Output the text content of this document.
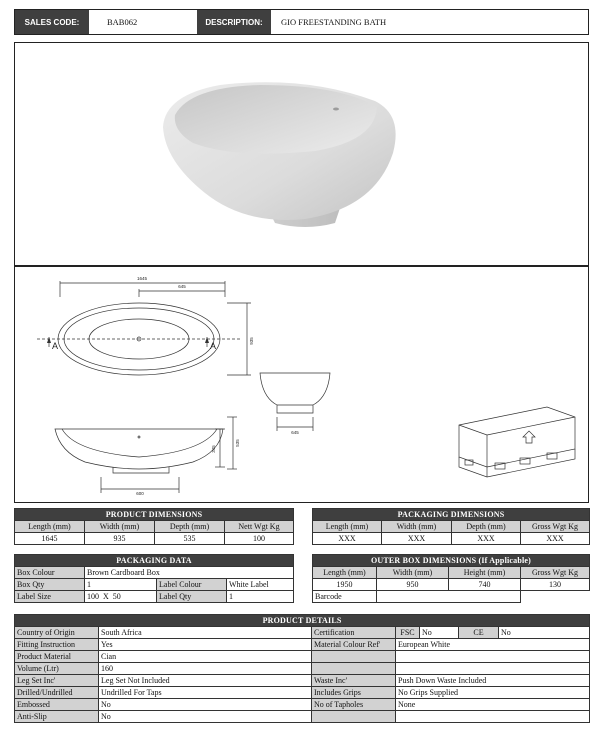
SALES CODE:	BAB062	DESCRIPTION:	GIO FREESTANDING BATH
1645
645
935
645
345
535
600
A	A
PRODUCT DIMENSIONS			
Length (mm)	Width (mm)	Depth (mm)	Nett Wgt Kg
1645	935	535	100
PACKAGING DIMENSIONS			
Length (mm)	Width (mm)	Depth (mm)	Gross Wgt Kg
XXX	XXX	XXX	XXX
PACKAGING DATA			
Box Colour	Brown Cardboard Box		
Box Qty	1	Label Colour	White Label
Label Size	100  X  50	Label Qty	1
OUTER BOX DIMENSIONS (If Applicable)			
Length (mm)	Width (mm)	Height (mm)	Gross Wgt Kg
1950	950	740	130
Barcode			
PRODUCT DETAILS						
Country of Origin	South Africa	Certification	FSC	No	CE	No
Fitting Instruction	Yes	Material Colour Ref'	European White			
Product Material	Cian					
Volume (Ltr)	160					
Leg Set Inc'	Leg Set Not Included	Waste Inc'	Push Down Waste Included			
Drilled/Undrilled	Undrilled For Taps	Includes Grips	No Grips Supplied			
Embossed	No	No of Tapholes	None			
Anti-Slip	No					
